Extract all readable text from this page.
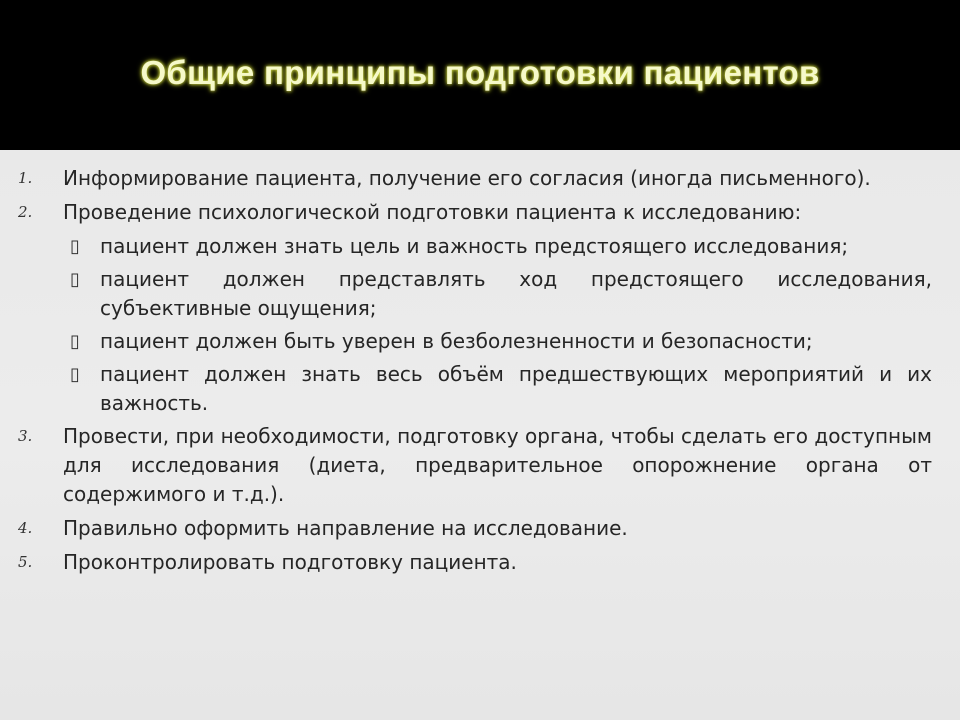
Общие принципы подготовки пациентов
1.	Информирование пациента, получение его согласия (иногда письменного).
2.	Проведение психологической подготовки пациента к исследованию:
▯	пациент должен знать цель и важность предстоящего исследования;
▯	пациент должен представлять ход предстоящего исследования, субъективные ощущения;
▯	пациент должен быть уверен в безболезненности и безопасности;
▯	пациент должен знать весь объём предшествующих мероприятий и их важность.
3.	Провести, при необходимости, подготовку органа, чтобы сделать его доступным для исследования (диета, предварительное опорожнение органа от содержимого и т.д.).
4.	Правильно оформить направление на исследование.
5.	Проконтролировать подготовку пациента.
